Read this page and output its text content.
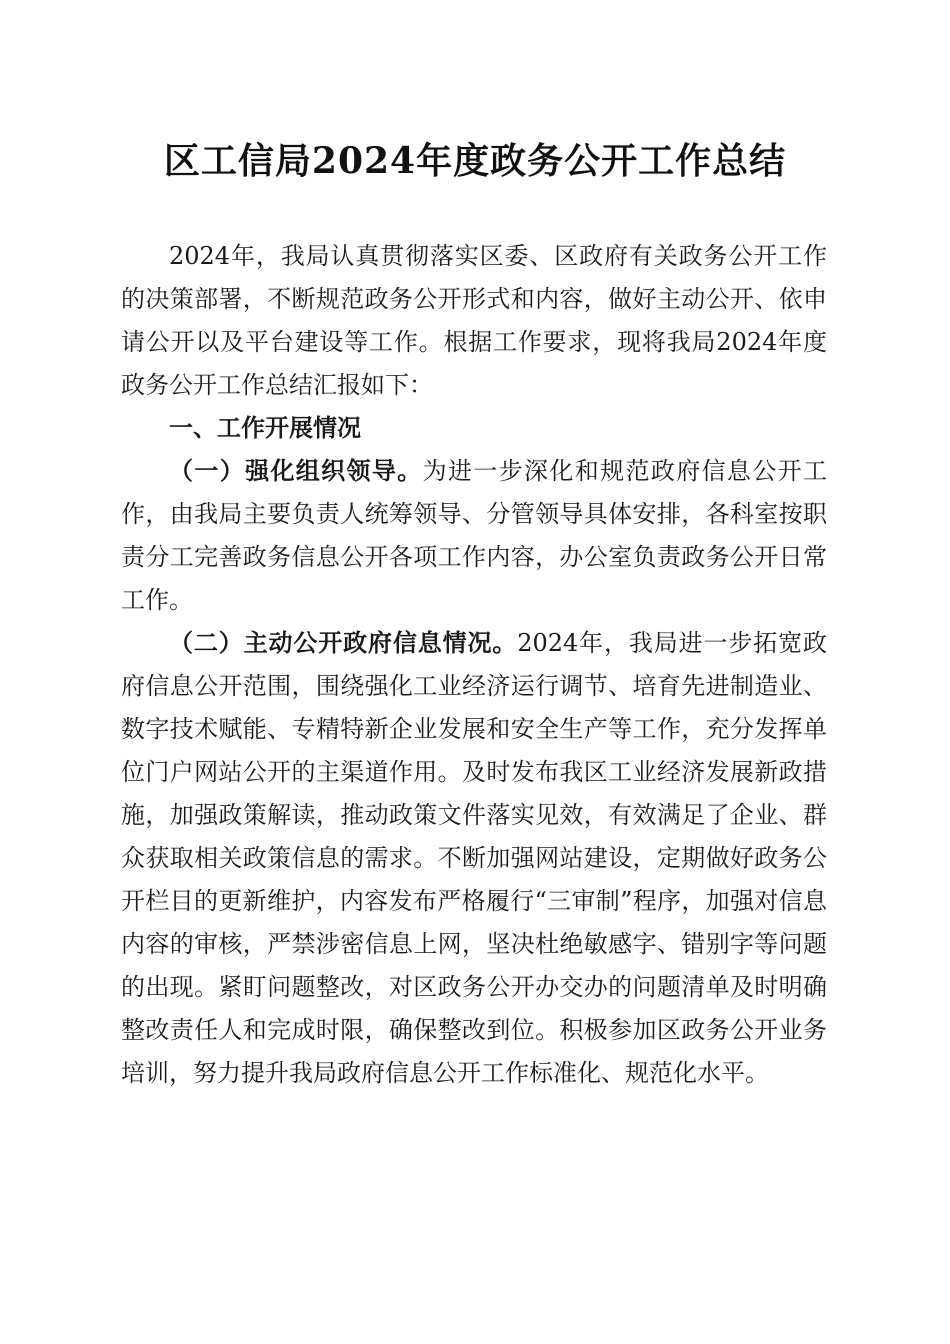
区工信局2024年度政务公开工作总结

2024年，我局认真贯彻落实区委、区政府有关政务公开工作的决策部署，不断规范政务公开形式和内容，做好主动公开、依申请公开以及平台建设等工作。根据工作要求，现将我局2024年度政务公开工作总结汇报如下：

一、工作开展情况

（一）强化组织领导。为进一步深化和规范政府信息公开工作，由我局主要负责人统筹领导、分管领导具体安排，各科室按职责分工完善政务信息公开各项工作内容，办公室负责政务公开日常工作。

（二）主动公开政府信息情况。2024年，我局进一步拓宽政府信息公开范围，围绕强化工业经济运行调节、培育先进制造业、数字技术赋能、专精特新企业发展和安全生产等工作，充分发挥单位门户网站公开的主渠道作用。及时发布我区工业经济发展新政措施，加强政策解读，推动政策文件落实见效，有效满足了企业、群众获取相关政策信息的需求。不断加强网站建设，定期做好政务公开栏目的更新维护，内容发布严格履行“三审制”程序，加强对信息内容的审核，严禁涉密信息上网，坚决杜绝敏感字、错别字等问题的出现。紧盯问题整改，对区政务公开办交办的问题清单及时明确整改责任人和完成时限，确保整改到位。积极参加区政务公开业务培训，努力提升我局政府信息公开工作标准化、规范化水平。
